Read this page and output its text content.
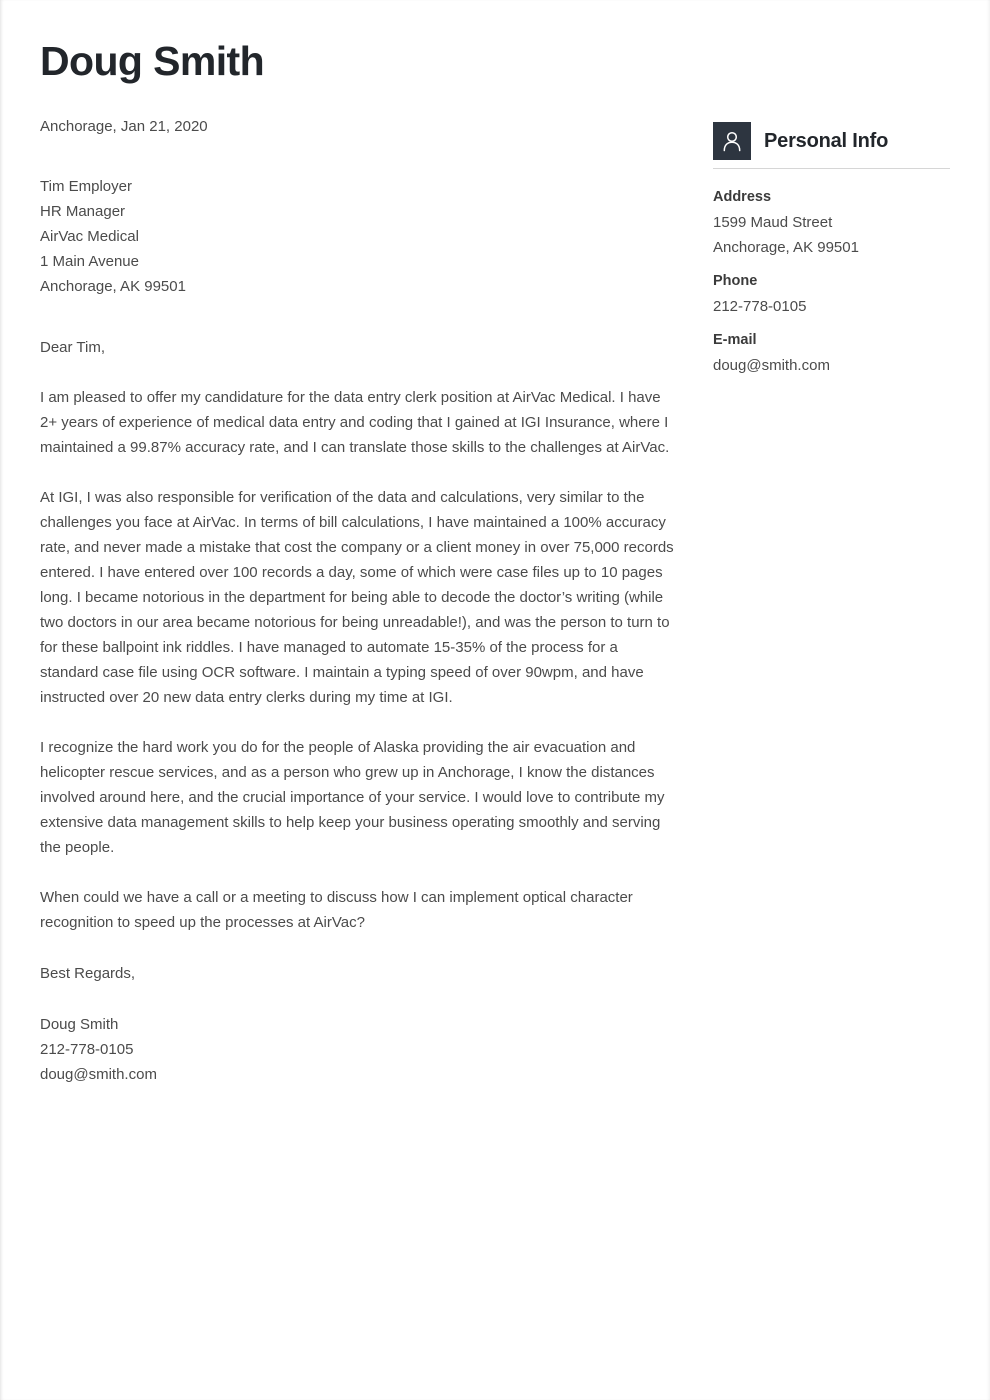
Doug Smith

Anchorage, Jan 21, 2020

Tim Employer

HR Manager

AirVac Medical

1 Main Avenue

Anchorage, AK 99501

Dear Tim,

I am pleased to offer my candidature for the data entry clerk position at AirVac Medical. I have 2+ years of experience of medical data entry and coding that I gained at IGI Insurance, where I maintained a 99.87% accuracy rate, and I can translate those skills to the challenges at AirVac.

At IGI, I was also responsible for verification of the data and calculations, very similar to the challenges you face at AirVac. In terms of bill calculations, I have maintained a 100% accuracy rate, and never made a mistake that cost the company or a client money in over 75,000 records entered. I have entered over 100 records a day, some of which were case files up to 10 pages long. I became notorious in the department for being able to decode the doctor’s writing (while two doctors in our area became notorious for being unreadable!), and was the person to turn to for these ballpoint ink riddles. I have managed to automate 15-35% of the process for a standard case file using OCR software. I maintain a typing speed of over 90wpm, and have instructed over 20 new data entry clerks during my time at IGI.

I recognize the hard work you do for the people of Alaska providing the air evacuation and helicopter rescue services, and as a person who grew up in Anchorage, I know the distances involved around here, and the crucial importance of your service. I would love to contribute my extensive data management skills to help keep your business operating smoothly and serving the people.

When could we have a call or a meeting to discuss how I can implement optical character recognition to speed up the processes at AirVac?

Best Regards,

Doug Smith

212-778-0105

doug@smith.com

Personal Info

Address

1599 Maud Street

Anchorage, AK 99501

Phone

212-778-0105

E-mail

doug@smith.com
